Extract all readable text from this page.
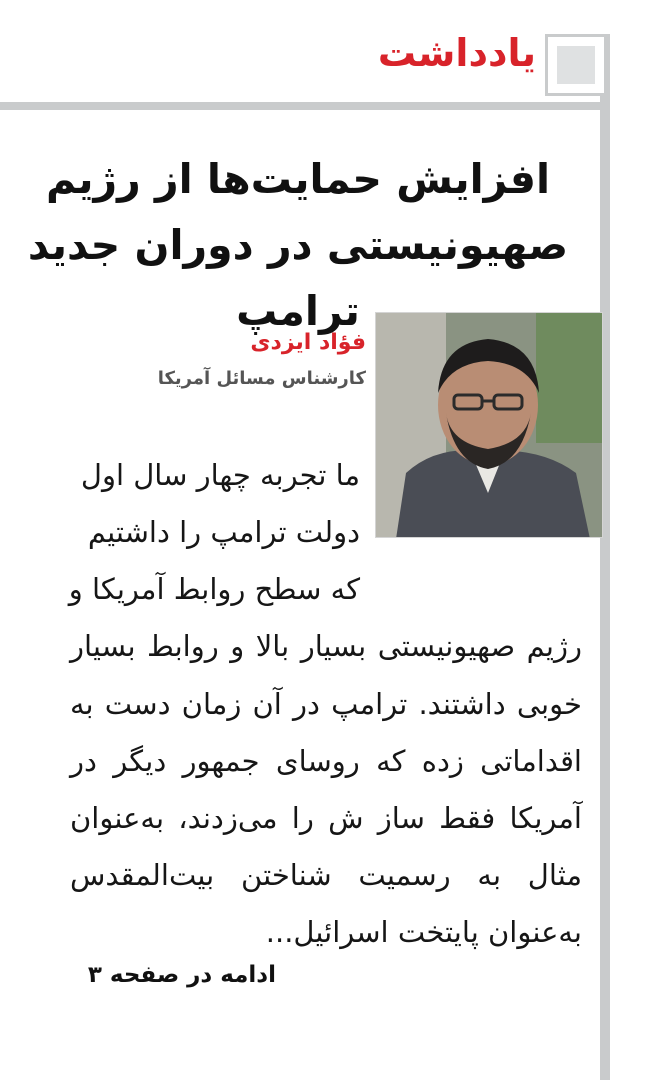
یادداشت
افزایش حمایت‌ها از رژیم
صهیونیستی در دوران جدید ترامپ
فؤاد ایزدی
کارشناس مسائل آمریکا
ما تجربه چهار سال اول
دولت ترامپ را داشتیم
که سطح روابط آمریکا و
رژیم صهیونیستی بسیار بالا و روابط بسیار
خوبی داشتند. ترامپ در آن زمان دست به
اقداماتی زده که روسای جمهور دیگر در
آمریکا فقط ساز ش را می‌زدند، به‌عنوان
مثال به رسمیت شناختن بیت‌المقدس
به‌عنوان پایتخت اسرائیل...
ادامه در صفحه ۳
